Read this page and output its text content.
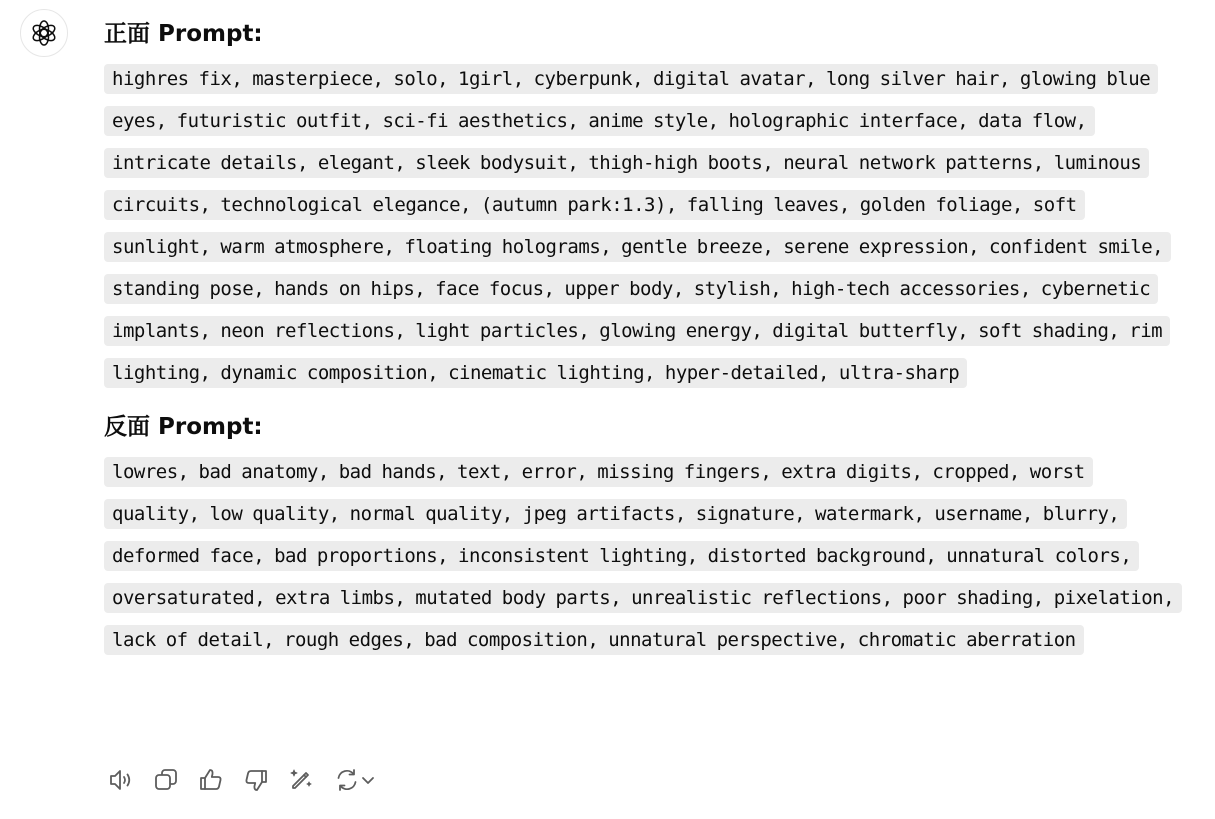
正面 Prompt:

highres fix, masterpiece, solo, 1girl, cyberpunk, digital avatar, long silver hair, glowing blue eyes, futuristic outfit, sci-fi aesthetics, anime style, holographic interface, data flow, intricate details, elegant, sleek bodysuit, thigh-high boots, neural network patterns, luminous circuits, technological elegance, (autumn park:1.3), falling leaves, golden foliage, soft sunlight, warm atmosphere, floating holograms, gentle breeze, serene expression, confident smile, standing pose, hands on hips, face focus, upper body, stylish, high-tech accessories, cybernetic implants, neon reflections, light particles, glowing energy, digital butterfly, soft shading, rim lighting, dynamic composition, cinematic lighting, hyper-detailed, ultra-sharp

反面 Prompt:

lowres, bad anatomy, bad hands, text, error, missing fingers, extra digits, cropped, worst quality, low quality, normal quality, jpeg artifacts, signature, watermark, username, blurry, deformed face, bad proportions, inconsistent lighting, distorted background, unnatural colors, oversaturated, extra limbs, mutated body parts, unrealistic reflections, poor shading, pixelation, lack of detail, rough edges, bad composition, unnatural perspective, chromatic aberration
